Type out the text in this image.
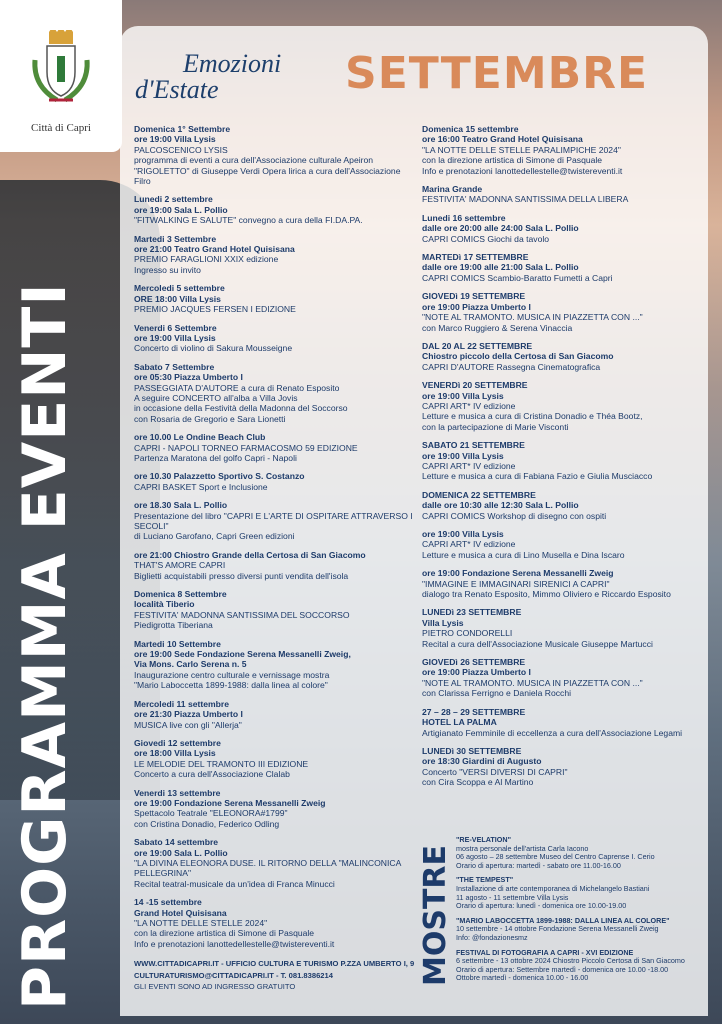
Città di Capri
PROGRAMMA EVENTI
Emozioni
d'Estate	SETTEMBRE
Domenica 1° Settembre
ore 19:00 Villa Lysis
PALCOSCENICO LYSIS
programma di eventi a cura dell'Associazione culturale Apeiron
"RIGOLETTO" di Giuseppe Verdi Opera lirica a cura dell'Associazione Filro
Lunedi 2 settembre
ore 19:00 Sala L. Pollio
"FITWALKING E SALUTE" convegno a cura della FI.DA.PA.
Martedi 3 Settembre
ore 21:00 Teatro Grand Hotel Quisisana
PREMIO FARAGLIONI XXIX edizione
Ingresso su invito
Mercoledi 5 settembre
ORE 18:00 Villa Lysis
PREMIO JACQUES FERSEN I EDIZIONE
Venerdi 6 Settembre
ore 19:00 Villa Lysis
Concerto di violino di Sakura Mousseigne
Sabato 7 Settembre
ore 05:30 Piazza Umberto I
PASSEGGIATA D'AUTORE a cura di Renato Esposito
A seguire CONCERTO all'alba a Villa Jovis
in occasione della Festività della Madonna del Soccorso
con Rosaria de Gregorio e Sara Lionetti
ore 10.00 Le Ondine Beach Club
CAPRI - NAPOLI TORNEO FARMACOSMO 59 EDIZIONE
Partenza Maratona del golfo Capri - Napoli
ore 10.30 Palazzetto Sportivo S. Costanzo
CAPRI BASKET Sport e Inclusione
ore 18.30 Sala L. Pollio
Presentazione del libro "CAPRI E L'ARTE DI OSPITARE ATTRAVERSO I SECOLI"
di Luciano Garofano, Capri Green edizioni
ore 21:00 Chiostro Grande della Certosa di San Giacomo
THAT'S AMORE CAPRI
Biglietti acquistabili presso diversi punti vendita dell'isola
Domenica 8 Settembre
località Tiberio
FESTIVITA' MADONNA SANTISSIMA DEL SOCCORSO
Piedigrotta Tiberiana
Martedi 10 Settembre
ore 19:00 Sede Fondazione Serena Messanelli Zweig,
Via Mons. Carlo Serena n. 5
Inaugurazione centro culturale e vernissage mostra
"Mario Laboccetta 1899-1988: dalla linea al colore"
Mercoledi 11 settembre
ore 21:30 Piazza Umberto I
MUSICA live con gli "Allerja"
Giovedi 12 settembre
ore 18:00 Villa Lysis
LE MELODIE DEL TRAMONTO III EDIZIONE
Concerto a cura dell'Associazione Clalab
Venerdi 13 settembre
ore 19:00 Fondazione Serena Messanelli Zweig
Spettacolo Teatrale "ELEONORA#1799"
con Cristina Donadio, Federico Odling
Sabato 14 settembre
ore 19:00 Sala L. Pollio
"LA DIVINA ELEONORA DUSE. IL RITORNO DELLA "MALINCONICA PELLEGRINA"
Recital teatral-musicale da un'idea di Franca Minucci
14 -15 settembre
Grand Hotel Quisisana
"LA NOTTE DELLE STELLE 2024"
con la direzione artistica di Simone di Pasquale
Info e prenotazioni lanottedellestelle@twistereventi.it
Domenica 15 settembre
ore 16:00 Teatro Grand Hotel Quisisana
"LA NOTTE DELLE STELLE PARALIMPICHE 2024"
con la direzione artistica di Simone di Pasquale
Info e prenotazioni lanottedellestelle@twistereventi.it
Marina Grande
FESTIVITA' MADONNA SANTISSIMA DELLA LIBERA
Lunedi 16 settembre
dalle ore 20:00 alle 24:00 Sala L. Pollio
CAPRI COMICS Giochi da tavolo
MARTEDì 17 SETTEMBRE
dalle ore 19:00 alle 21:00 Sala L. Pollio
CAPRI COMICS Scambio-Baratto Fumetti a Capri
GIOVEDì 19 SETTEMBRE
ore 19:00 Piazza Umberto I
"NOTE AL TRAMONTO. MUSICA IN PIAZZETTA CON ..."
con Marco Ruggiero & Serena Vinaccia
DAL 20 AL 22 SETTEMBRE
Chiostro piccolo della Certosa di San Giacomo
CAPRI D'AUTORE Rassegna Cinematografica
VENERDì 20 SETTEMBRE
ore 19:00 Villa Lysis
CAPRI ART* IV edizione
Letture e musica a cura di Cristina Donadio e Théa Bootz,
con la partecipazione di Marie Visconti
SABATO 21 SETTEMBRE
ore 19:00 Villa Lysis
CAPRI ART* IV edizione
Letture e musica a cura di Fabiana Fazio e Giulia Musciacco
DOMENICA 22 SETTEMBRE
dalle ore 10:30 alle 12:30 Sala L. Pollio
CAPRI COMICS Workshop di disegno con ospiti
ore 19:00 Villa Lysis
CAPRI ART* IV edizione
Letture e musica a cura di Lino Musella e Dina Iscaro
ore 19:00 Fondazione Serena Messanelli Zweig
"IMMAGINE E IMMAGINARI SIRENICI A CAPRI"
dialogo tra Renato Esposito, Mimmo Oliviero e Riccardo Esposito
LUNEDì 23 SETTEMBRE
Villa Lysis
PIETRO CONDORELLI
Recital a cura dell'Associazione Musicale Giuseppe Martucci
GIOVEDì 26 SETTEMBRE
ore 19:00 Piazza Umberto I
"NOTE AL TRAMONTO. MUSICA IN PIAZZETTA CON ..."
con Clarissa Ferrigno e Daniela Rocchi
27 – 28 – 29 SETTEMBRE
HOTEL LA PALMA
Artigianato Femminile di eccellenza a cura dell'Associazione Legami
LUNEDì 30 SETTEMBRE
ore 18:30 Giardini di Augusto
Concerto "VERSI DIVERSI DI CAPRI"
con Cira Scoppa e Al Martino
MOSTRE
"RE-VELATION"
mostra personale dell'artista Carla Iacono
06 agosto – 28 settembre Museo del Centro Caprense I. Cerio
Orario di apertura: martedì - sabato ore 11.00-16.00
"THE TEMPEST"
Installazione di arte contemporanea di Michelangelo Bastiani
11 agosto - 11 settembre Villa Lysis
Orario di apertura: lunedì - domenica ore 10.00-19.00
"MARIO LABOCCETTA 1899-1988: DALLA LINEA AL COLORE"
10 settembre - 14 ottobre Fondazione Serena Messanelli Zweig
Info: @fondazionesmz
FESTIVAL DI FOTOGRAFIA A CAPRI - XVI EDIZIONE
6 settembre - 13 ottobre 2024 Chiostro Piccolo Certosa di San Giacomo
Orario di apertura: Settembre martedì - domenica ore 10.00 -18.00
Ottobre martedì - domenica 10.00 - 16.00
WWW.CITTADICAPRI.IT - UFFICIO CULTURA E TURISMO P.ZZA UMBERTO I, 9
CULTURATURISMO@CITTADICAPRI.IT - T. 081.8386214
GLI EVENTI SONO AD INGRESSO GRATUITO
